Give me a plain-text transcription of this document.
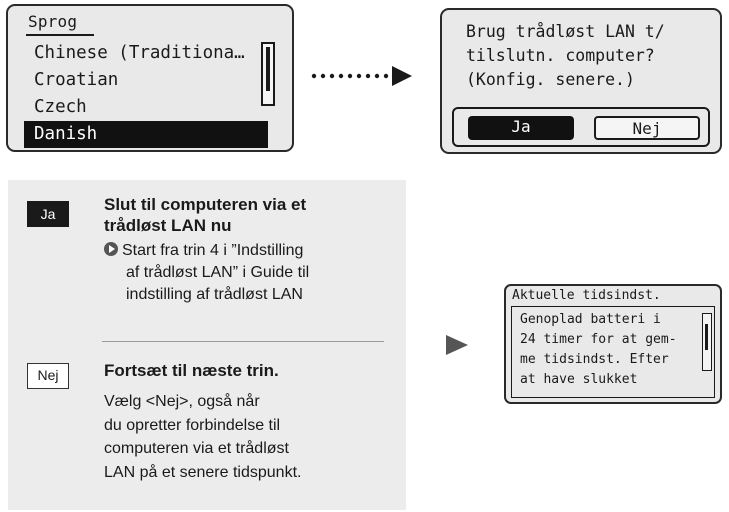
Sprog
Chinese (Traditiona…
Croatian
Czech
Danish
Brug trådløst LAN t/
tilslutn. computer?
(Konfig. senere.)
Ja	Nej
Ja	Slut til computeren via et
trådløst LAN nu
Start fra trin 4 i ”Indstilling
af trådløst LAN” i Guide til
indstilling af trådløst LAN
Nej	Fortsæt til næste trin.
Vælg <Nej>, også når
du opretter forbindelse til
computeren via et trådløst
LAN på et senere tidspunkt.
Aktuelle tidsindst.
Genoplad batteri i
24 timer for at gem-
me tidsindst. Efter
at have slukket
